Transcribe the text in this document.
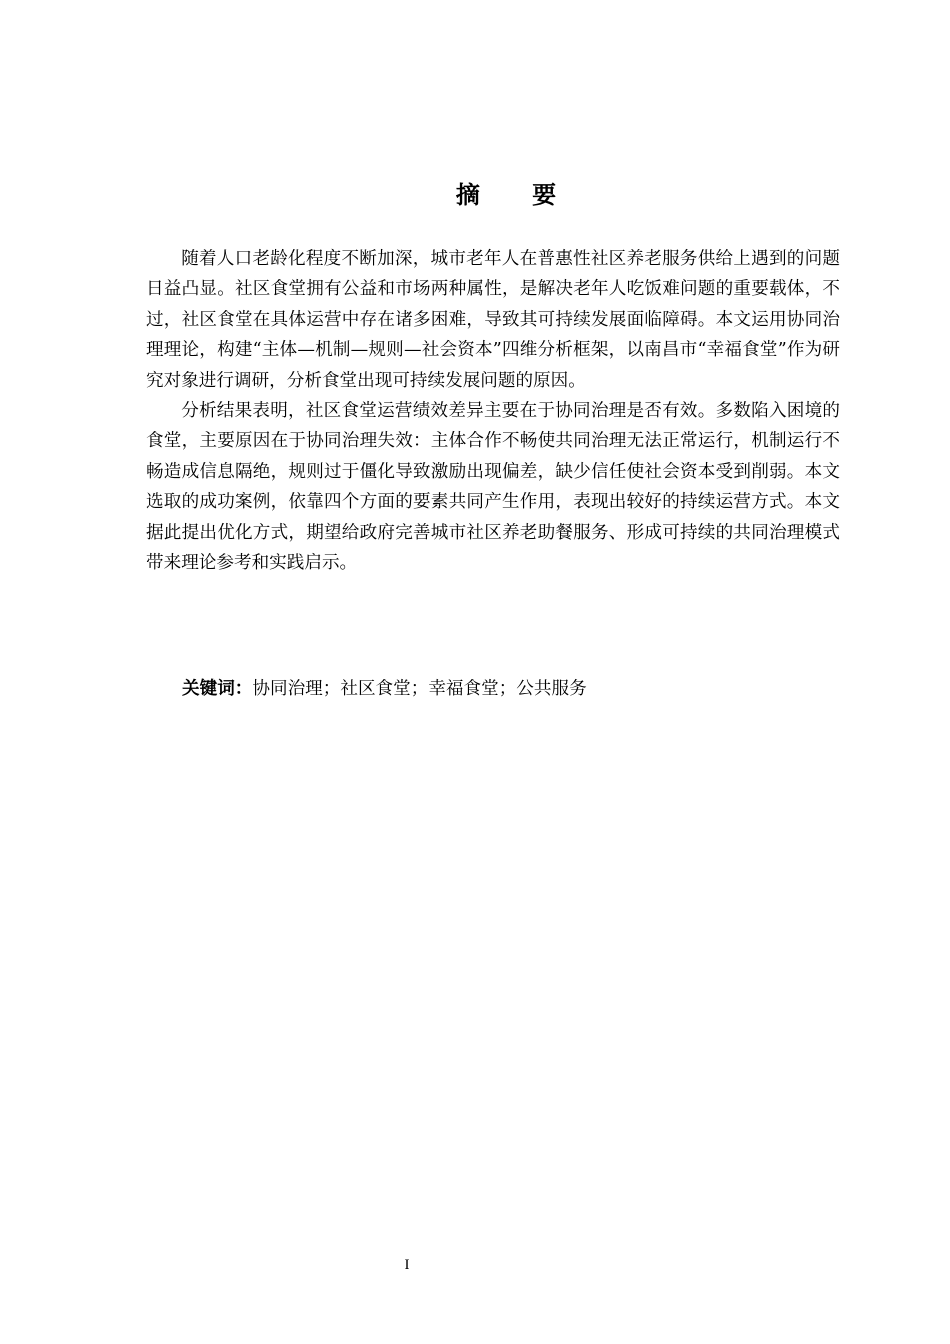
摘 要

随着人口老龄化程度不断加深，城市老年人在普惠性社区养老服务供给上遇到的问题日益凸显。社区食堂拥有公益和市场两种属性，是解决老年人吃饭难问题的重要载体，不过，社区食堂在具体运营中存在诸多困难，导致其可持续发展面临障碍。本文运用协同治理理论，构建“主体—机制—规则—社会资本”四维分析框架，以南昌市“幸福食堂”作为研究对象进行调研，分析食堂出现可持续发展问题的原因。

分析结果表明，社区食堂运营绩效差异主要在于协同治理是否有效。多数陷入困境的食堂，主要原因在于协同治理失效：主体合作不畅使共同治理无法正常运行，机制运行不畅造成信息隔绝，规则过于僵化导致激励出现偏差，缺少信任使社会资本受到削弱。本文选取的成功案例，依靠四个方面的要素共同产生作用，表现出较好的持续运营方式。本文据此提出优化方式，期望给政府完善城市社区养老助餐服务、形成可持续的共同治理模式带来理论参考和实践启示。

关键词：协同治理；社区食堂；幸福食堂；公共服务
I
